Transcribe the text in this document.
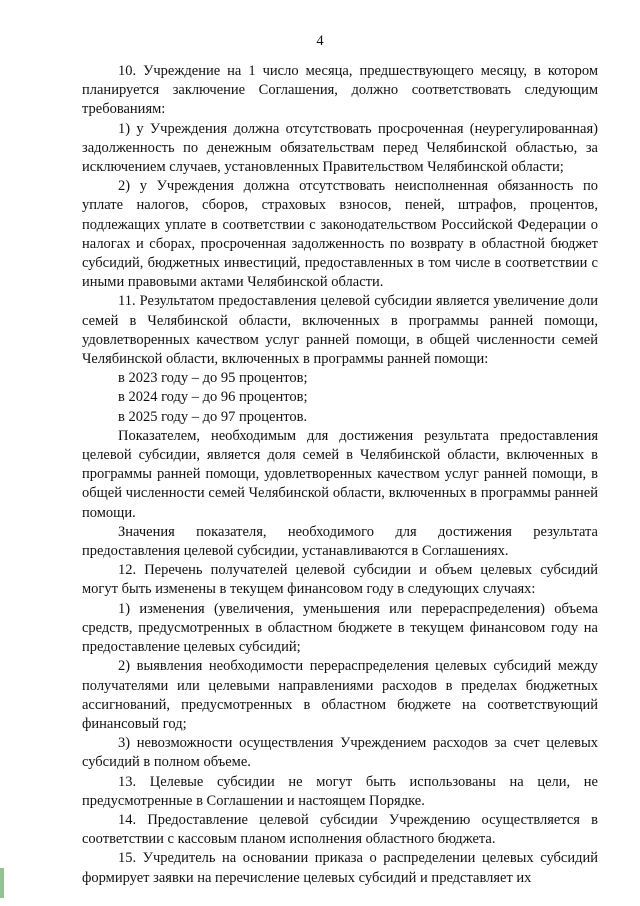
4

10. Учреждение на 1 число месяца, предшествующего месяцу, в котором планируется заключение Соглашения, должно соответствовать следующим требованиям:

1) у Учреждения должна отсутствовать просроченная (неурегулированная) задолженность по денежным обязательствам перед Челябинской областью, за исключением случаев, установленных Правительством Челябинской области;

2) у Учреждения должна отсутствовать неисполненная обязанность по уплате налогов, сборов, страховых взносов, пеней, штрафов, процентов, подлежащих уплате в соответствии с законодательством Российской Федерации о налогах и сборах, просроченная задолженность по возврату в областной бюджет субсидий, бюджетных инвестиций, предоставленных в том числе в соответствии с иными правовыми актами Челябинской области.

11. Результатом предоставления целевой субсидии является увеличение доли семей в Челябинской области, включенных в программы ранней помощи, удовлетворенных качеством услуг ранней помощи, в общей численности семей Челябинской области, включенных в программы ранней помощи:

в 2023 году – до 95 процентов;

в 2024 году – до 96 процентов;

в 2025 году – до 97 процентов.

Показателем, необходимым для достижения результата предоставления целевой субсидии, является доля семей в Челябинской области, включенных в программы ранней помощи, удовлетворенных качеством услуг ранней помощи, в общей численности семей Челябинской области, включенных в программы ранней помощи.

Значения показателя, необходимого для достижения результата предоставления целевой субсидии, устанавливаются в Соглашениях.

12. Перечень получателей целевой субсидии и объем целевых субсидий могут быть изменены в текущем финансовом году в следующих случаях:

1) изменения (увеличения, уменьшения или перераспределения) объема средств, предусмотренных в областном бюджете в текущем финансовом году на предоставление целевых субсидий;

2) выявления необходимости перераспределения целевых субсидий между получателями или целевыми направлениями расходов в пределах бюджетных ассигнований, предусмотренных в областном бюджете на соответствующий финансовый год;

3) невозможности осуществления Учреждением расходов за счет целевых субсидий в полном объеме.

13. Целевые субсидии не могут быть использованы на цели, не предусмотренные в Соглашении и настоящем Порядке.

14. Предоставление целевой субсидии Учреждению осуществляется в соответствии с кассовым планом исполнения областного бюджета.

15. Учредитель на основании приказа о распределении целевых субсидий формирует заявки на перечисление целевых субсидий и представляет их
